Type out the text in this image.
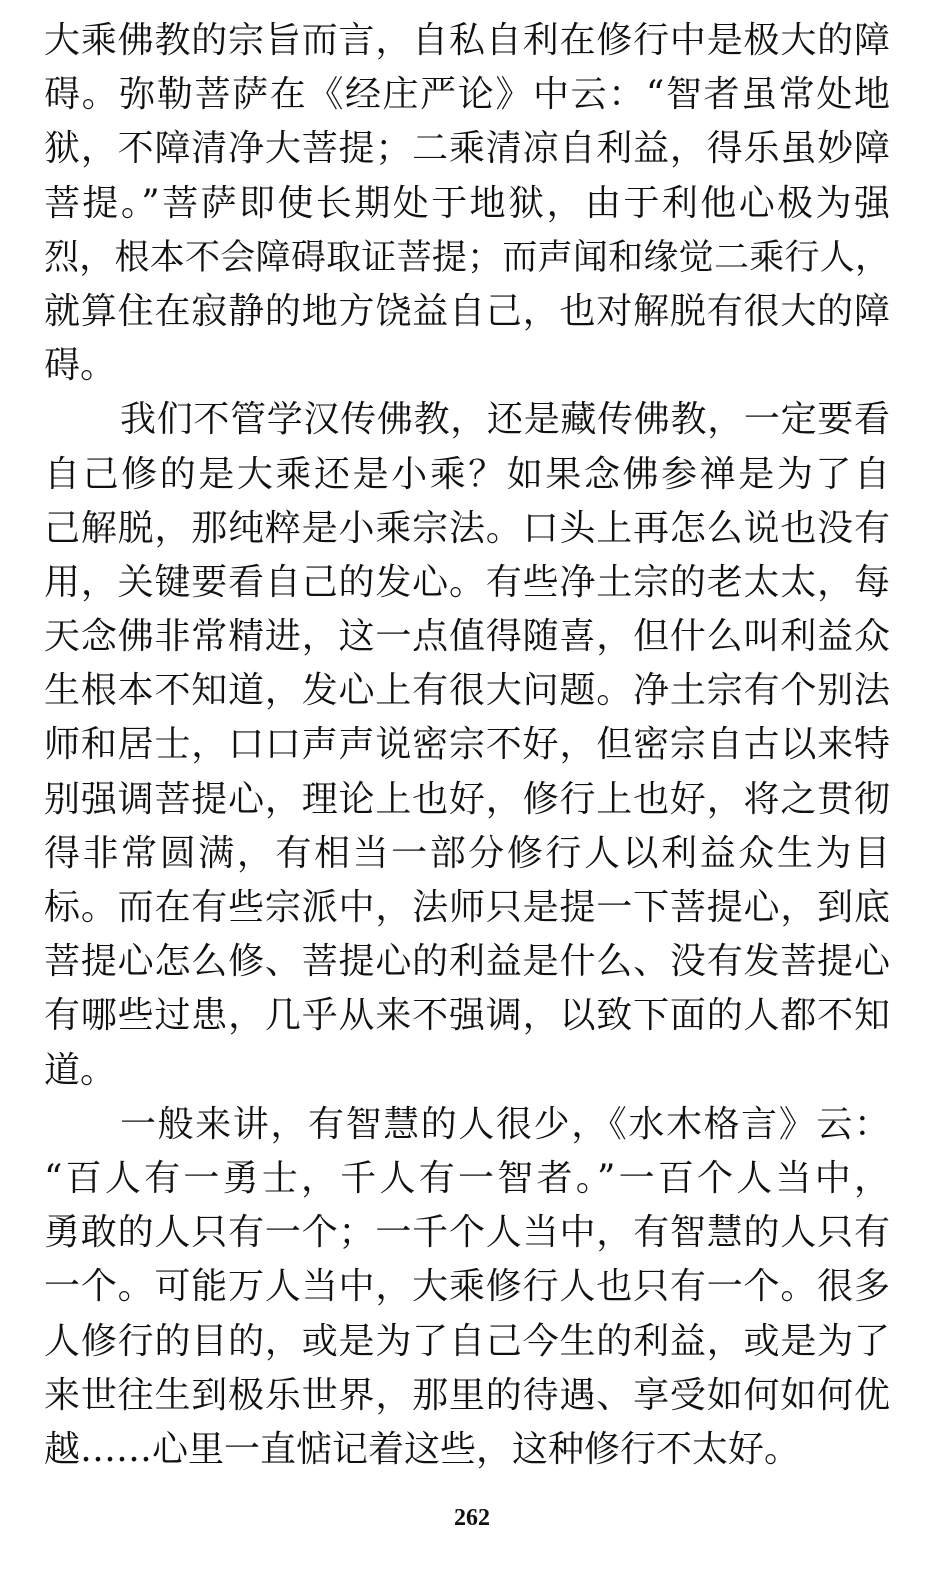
大乘佛教的宗旨而言，自私自利在修行中是极大的障
碍。弥勒菩萨在《经庄严论》中云：“智者虽常处地
狱，不障清净大菩提；二乘清凉自利益，得乐虽妙障
菩提。”菩萨即使长期处于地狱，由于利他心极为强
烈，根本不会障碍取证菩提；而声闻和缘觉二乘行人，
就算住在寂静的地方饶益自己，也对解脱有很大的障
碍。
我们不管学汉传佛教，还是藏传佛教，一定要看
自己修的是大乘还是小乘？如果念佛参禅是为了自
己解脱，那纯粹是小乘宗法。口头上再怎么说也没有
用，关键要看自己的发心。有些净土宗的老太太，每
天念佛非常精进，这一点值得随喜，但什么叫利益众
生根本不知道，发心上有很大问题。净土宗有个别法
师和居士，口口声声说密宗不好，但密宗自古以来特
别强调菩提心，理论上也好，修行上也好，将之贯彻
得非常圆满，有相当一部分修行人以利益众生为目
标。而在有些宗派中，法师只是提一下菩提心，到底
菩提心怎么修、菩提心的利益是什么、没有发菩提心
有哪些过患，几乎从来不强调，以致下面的人都不知
道。
一般来讲，有智慧的人很少，《水木格言》云：
“百人有一勇士，千人有一智者。”一百个人当中，
勇敢的人只有一个；一千个人当中，有智慧的人只有
一个。可能万人当中，大乘修行人也只有一个。很多
人修行的目的，或是为了自己今生的利益，或是为了
来世往生到极乐世界，那里的待遇、享受如何如何优
越……心里一直惦记着这些，这种修行不太好。
262
